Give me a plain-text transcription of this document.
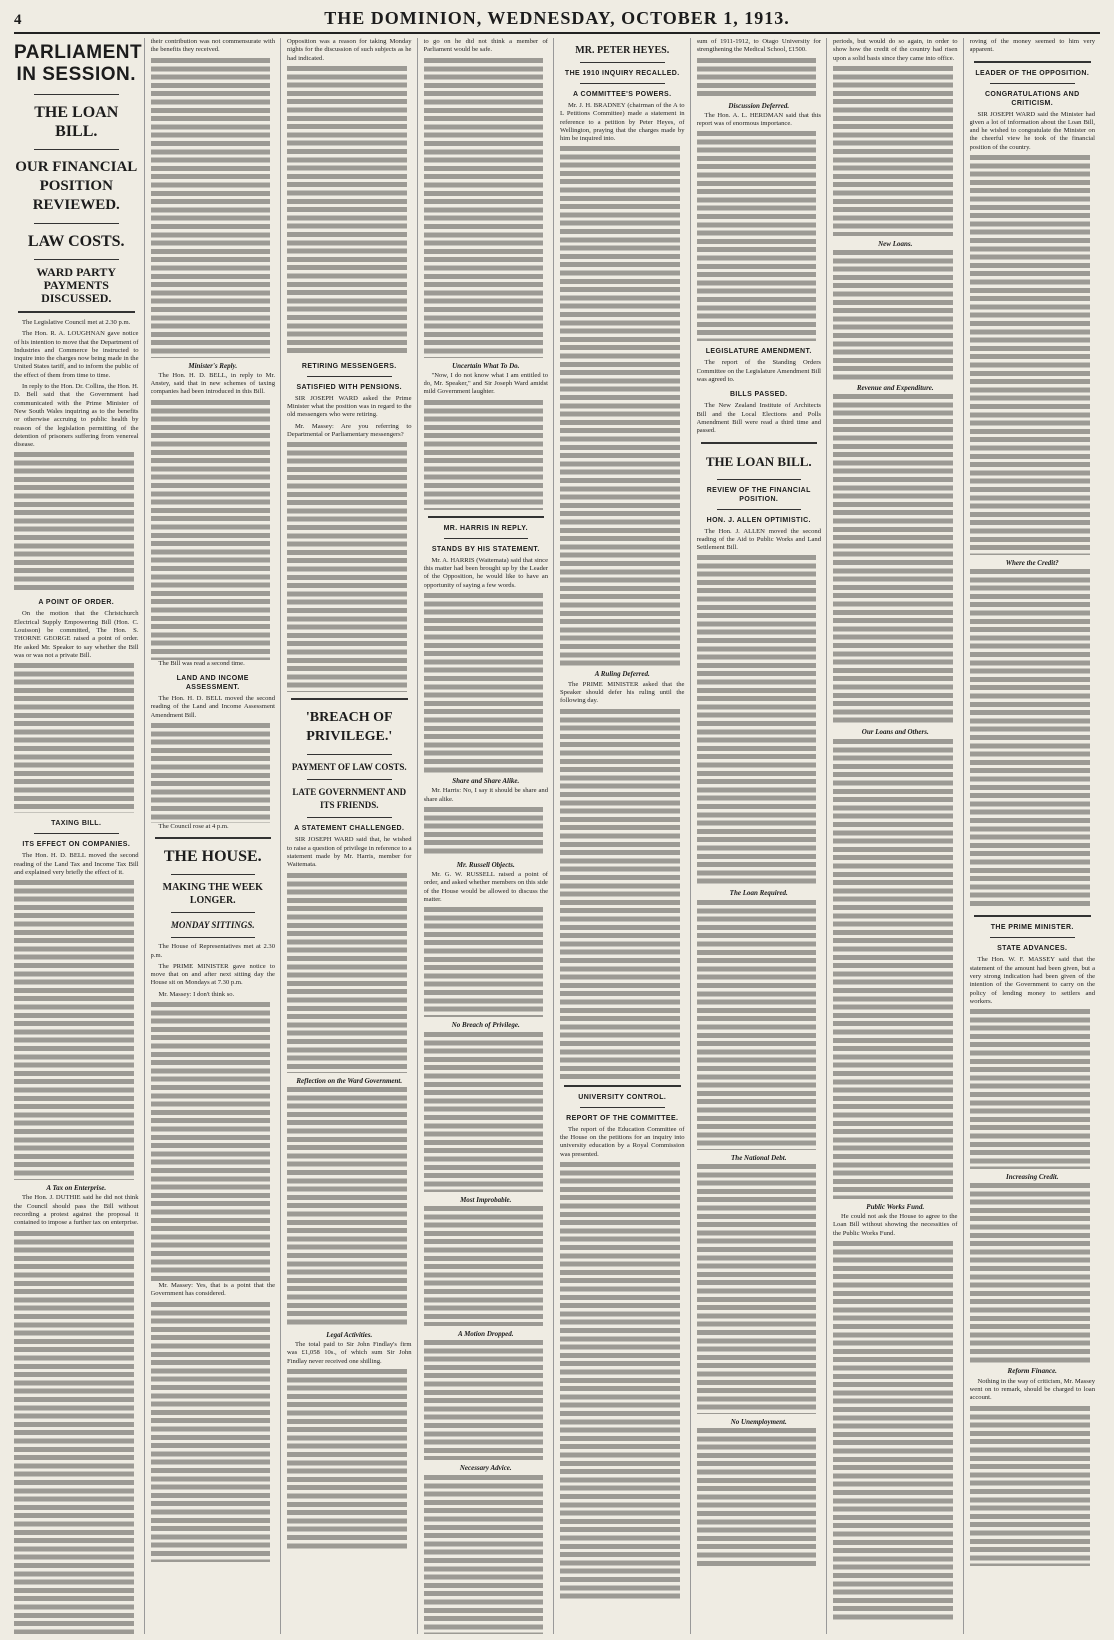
4	THE DOMINION, WEDNESDAY, OCTOBER 1, 1913.
PARLIAMENT IN SESSION.
THE LOAN BILL.
OUR FINANCIAL POSITION REVIEWED.
LAW COSTS.
WARD PARTY PAYMENTS DISCUSSED.

The Legislative Council met at 2.30 p.m.

The Hon. R. A. LOUGHNAN gave notice of his intention to move that the Department of Industries and Commerce be instructed to inquire into the charges now being made in the United States tariff, and to inform the public of the effect of them from time to time.

In reply to the Hon. Dr. Collins, the Hon. H. D. Bell said that the Government had communicated with the Prime Minister of New South Wales inquiring as to the benefits or otherwise accruing to public health by reason of the legislation permitting of the detention of prisoners suffering from venereal disease.

A POINT OF ORDER.

On the motion that the Christchurch Electrical Supply Empowering Bill (Hon. C. Louisson) be committed, The Hon. S. THORNE GEORGE raised a point of order. He asked Mr. Speaker to say whether the Bill was or was not a private Bill.

TAXING BILL.
ITS EFFECT ON COMPANIES.

The Hon. H. D. BELL moved the second reading of the Land Tax and Income Tax Bill and explained very briefly the effect of it.

A Tax on Enterprise.

The Hon. J. DUTHIE said he did not think the Council should pass the Bill without recording a protest against the proposal it contained to impose a further tax on enterprise.

their contribution was not commensurate with the benefits they received.

Minister's Reply.

The Hon. H. D. BELL, in reply to Mr. Anstey, said that in new schemes of taxing companies had been introduced in this Bill.

The Bill was read a second time.

LAND AND INCOME ASSESSMENT.

The Hon. H. D. BELL moved the second reading of the Land and Income Assessment Amendment Bill.

The Council rose at 4 p.m.

THE HOUSE.
MAKING THE WEEK LONGER.
MONDAY SITTINGS.

The House of Representatives met at 2.30 p.m.

The PRIME MINISTER gave notice to move that on and after next sitting day the House sit on Mondays at 7.30 p.m.

Mr. Massey: I don't think so.

Mr. Massey: Yes, that is a point that the Government has considered.

Opposition was a reason for taking Monday nights for the discussion of such subjects as he had indicated.

RETIRING MESSENGERS.
SATISFIED WITH PENSIONS.

SIR JOSEPH WARD asked the Prime Minister what the position was in regard to the old messengers who were retiring.

Mr. Massey: Are you referring to Departmental or Parliamentary messengers?

'BREACH OF PRIVILEGE.'
PAYMENT OF LAW COSTS.
LATE GOVERNMENT AND ITS FRIENDS.
A STATEMENT CHALLENGED.

SIR JOSEPH WARD said that, he wished to raise a question of privilege in reference to a statement made by Mr. Harris, member for Waitemata.

Reflection on the Ward Government.
Legal Activities.

The total paid to Sir John Findlay's firm was £1,058 10s., of which sum Sir John Findlay never received one shilling.

to go on he did not think a member of Parliament would be safe.

Uncertain What To Do.

"Now, I do not know what I am entitled to do, Mr. Speaker," and Sir Joseph Ward amidst mild Government laughter.

MR. HARRIS IN REPLY.
STANDS BY HIS STATEMENT.

Mr. A. HARRIS (Waitemata) said that since this matter had been brought up by the Leader of the Opposition, he would like to have an opportunity of saying a few words.

Share and Share Alike.

Mr. Harris: No, I say it should be share and share alike.

Mr. Russell Objects.

Mr. G. W. RUSSELL raised a point of order, and asked whether members on this side of the House would be allowed to discuss the matter.

No Breach of Privilege.
Most Improbable.
A Motion Dropped.
Necessary Advice.
MR. PETER HEYES.
THE 1910 INQUIRY RECALLED.
A COMMITTEE'S POWERS.

Mr. J. H. BRADNEY (chairman of the A to L Petitions Committee) made a statement in reference to a petition by Peter Heyes, of Wellington, praying that the charges made by him be inquired into.

A Ruling Deferred.

The PRIME MINISTER asked that the Speaker should defer his ruling until the following day.

UNIVERSITY CONTROL.
REPORT OF THE COMMITTEE.

The report of the Education Committee of the House on the petitions for an inquiry into university education by a Royal Commission was presented.

sum of 1911-1912, to Otago University for strengthening the Medical School, £1500.

Discussion Deferred.

The Hon. A. L. HERDMAN said that this report was of enormous importance.

LEGISLATURE AMENDMENT.

The report of the Standing Orders Committee on the Legislature Amendment Bill was agreed to.

BILLS PASSED.

The New Zealand Institute of Architects Bill and the Local Elections and Polls Amendment Bill were read a third time and passed.

THE LOAN BILL.
REVIEW OF THE FINANCIAL POSITION.
HON. J. ALLEN OPTIMISTIC.

The Hon. J. ALLEN moved the second reading of the Aid to Public Works and Land Settlement Bill.

The Loan Required.
The National Debt.
No Unemployment.

periods, but would do so again, in order to show how the credit of the country had risen upon a solid basis since they came into office.

New Loans.
Revenue and Expenditure.
Our Loans and Others.
Public Works Fund.

He could not ask the House to agree to the Loan Bill without showing the necessities of the Public Works Fund.

roving of the money seemed to him very apparent.

LEADER OF THE OPPOSITION.
CONGRATULATIONS AND CRITICISM.

SIR JOSEPH WARD said the Minister had given a lot of information about the Loan Bill, and he wished to congratulate the Minister on the cheerful view he took of the financial position of the country.

Where the Credit?
THE PRIME MINISTER.
STATE ADVANCES.

The Hon. W. F. MASSEY said that the statement of the amount had been given, but a very strong indication had been given of the intention of the Government to carry on the policy of lending money to settlers and workers.

Increasing Credit.
Reform Finance.

Nothing in the way of criticism, Mr. Massey went on to remark, should be charged to loan account.
